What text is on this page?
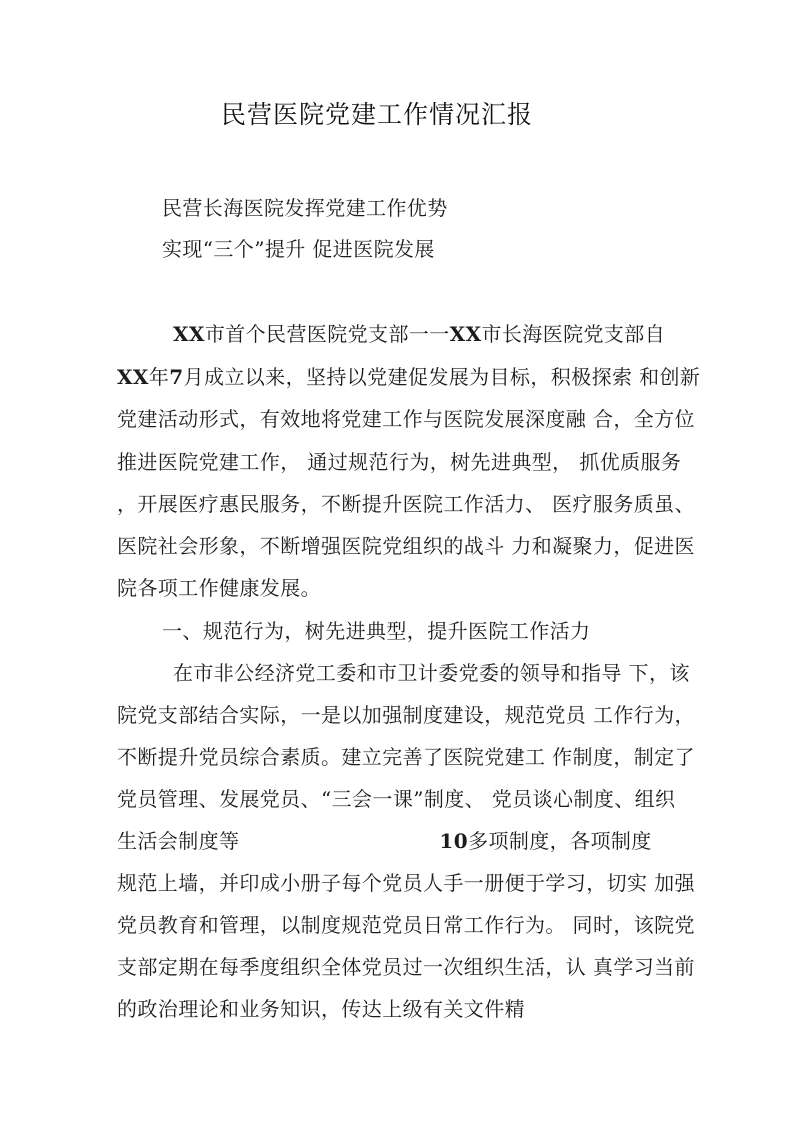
民营医院党建工作情况汇报
民营长海医院发挥党建工作优势
实现“三个”提升 促进医院发展
XX市首个民营医院党支部一一XX市长海医院党支部自
XX年7月成立以来，坚持以党建促发展为目标，积极探索 和创新
党建活动形式，有效地将党建工作与医院发展深度融 合，全方位
推进医院党建工作， 通过规范行为，树先进典型， 抓优质服务
，开展医疗惠民服务，不断提升医院工作活力、 医疗服务质虽、
医院社会形象，不断增强医院党组织的战斗 力和凝聚力，促进医
院各项工作健康发展。
一、规范行为，树先进典型，提升医院工作活力
在市非公经济党工委和市卫计委党委的领导和指导 下，该
院党支部结合实际，一是以加强制度建设，规范党员 工作行为，
不断提升党员综合素质。建立完善了医院党建工 作制度，制定了
党员管理、发展党员、“三会一课”制度、 党员谈心制度、组织
生活会制度等	10多项制度，各项制度
规范上墙，并印成小册子每个党员人手一册便于学习，切实 加强
党员教育和管理，以制度规范党员日常工作行为。 同时，该院党
支部定期在每季度组织全体党员过一次组织生活，认 真学习当前
的政治理论和业务知识，传达上级有关文件精
